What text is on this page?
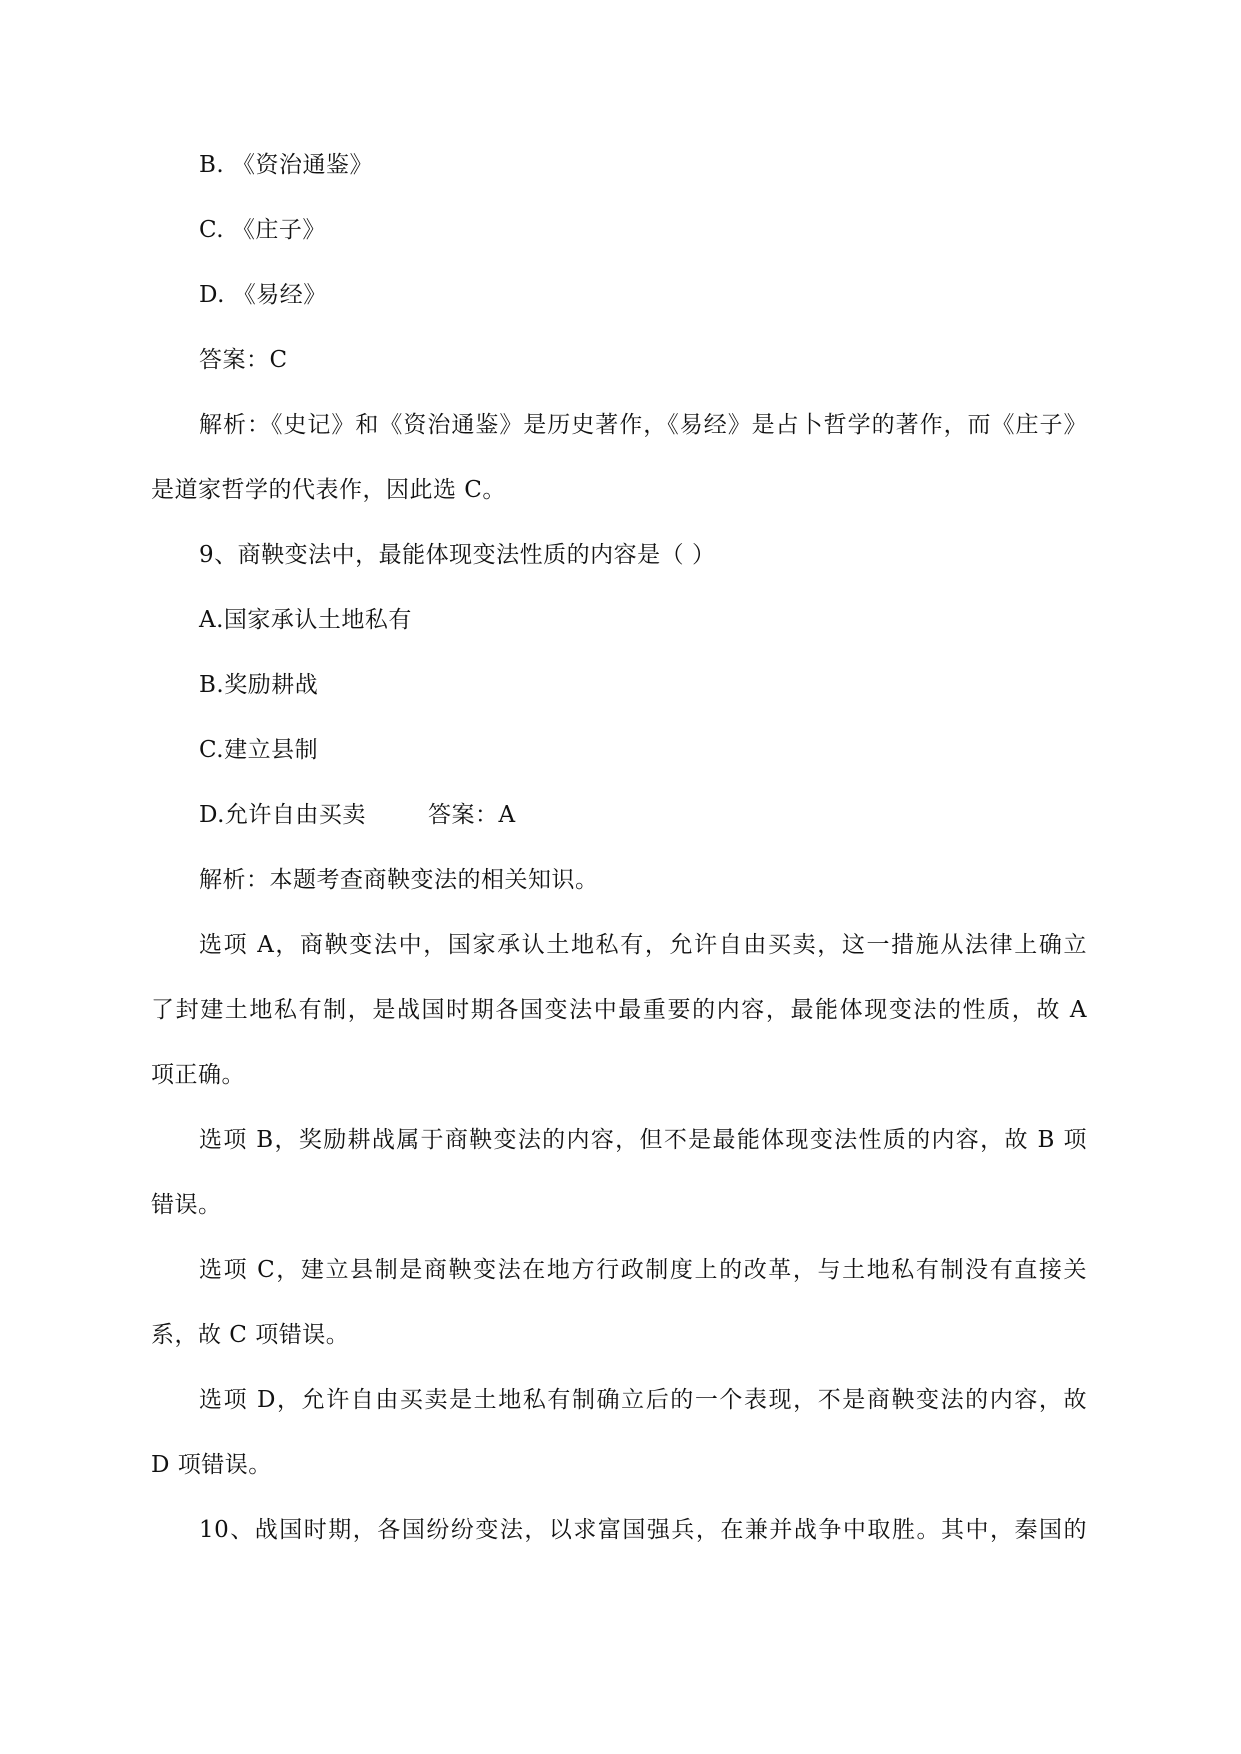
B. 《资治通鉴》
C. 《庄子》
D. 《易经》
答案：C
解析：《史记》和《资治通鉴》是历史著作，《易经》是占卜哲学的著作，而《庄子》
是道家哲学的代表作，因此选 C。
9、商鞅变法中，最能体现变法性质的内容是（ ）
A.国家承认土地私有
B.奖励耕战
C.建立县制
D.允许自由买卖	答案：A
解析：本题考查商鞅变法的相关知识。
选项 A，商鞅变法中，国家承认土地私有，允许自由买卖，这一措施从法律上确立
了封建土地私有制，是战国时期各国变法中最重要的内容，最能体现变法的性质，故 A
项正确。
选项 B，奖励耕战属于商鞅变法的内容，但不是最能体现变法性质的内容，故 B 项
错误。
选项 C，建立县制是商鞅变法在地方行政制度上的改革，与土地私有制没有直接关
系，故 C 项错误。
选项 D，允许自由买卖是土地私有制确立后的一个表现，不是商鞅变法的内容，故
D 项错误。
10、战国时期，各国纷纷变法，以求富国强兵，在兼并战争中取胜。其中，秦国的
